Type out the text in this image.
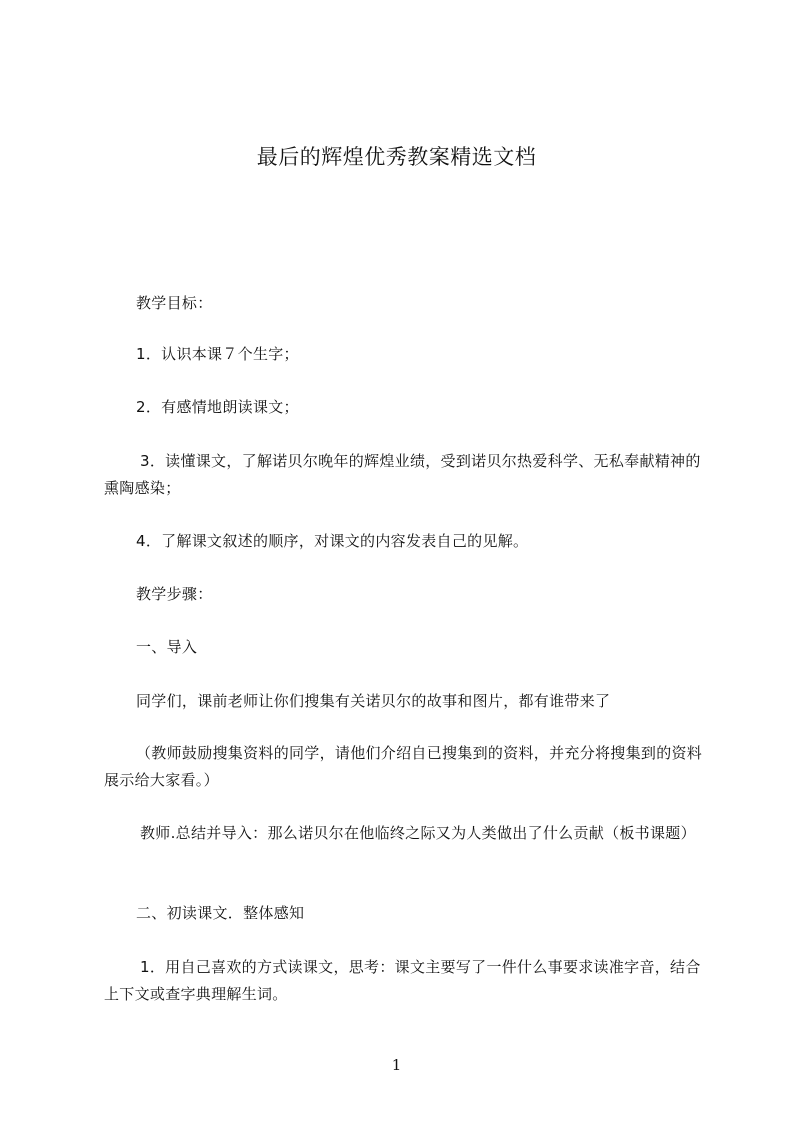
最后的辉煌优秀教案精选文档

教学目标：

1．认识本课７个生字；

2．有感情地朗读课文；

3．读懂课文，了解诺贝尔晚年的辉煌业绩，受到诺贝尔热爱科学、无私奉献精神的熏陶感染；

4．了解课文叙述的顺序，对课文的内容发表自己的见解。

教学步骤：

一、导入

同学们，课前老师让你们搜集有关诺贝尔的故事和图片，都有谁带来了

（教师鼓励搜集资料的同学，请他们介绍自已搜集到的资料，并充分将搜集到的资料展示给大家看。）

教师.总结并导入：那么诺贝尔在他临终之际又为人类做出了什么贡献（板书课题）

二、初读课文．整体感知

1．用自己喜欢的方式读课文，思考：课文主要写了一件什么事要求读准字音，结合上下文或查字典理解生词。

1
